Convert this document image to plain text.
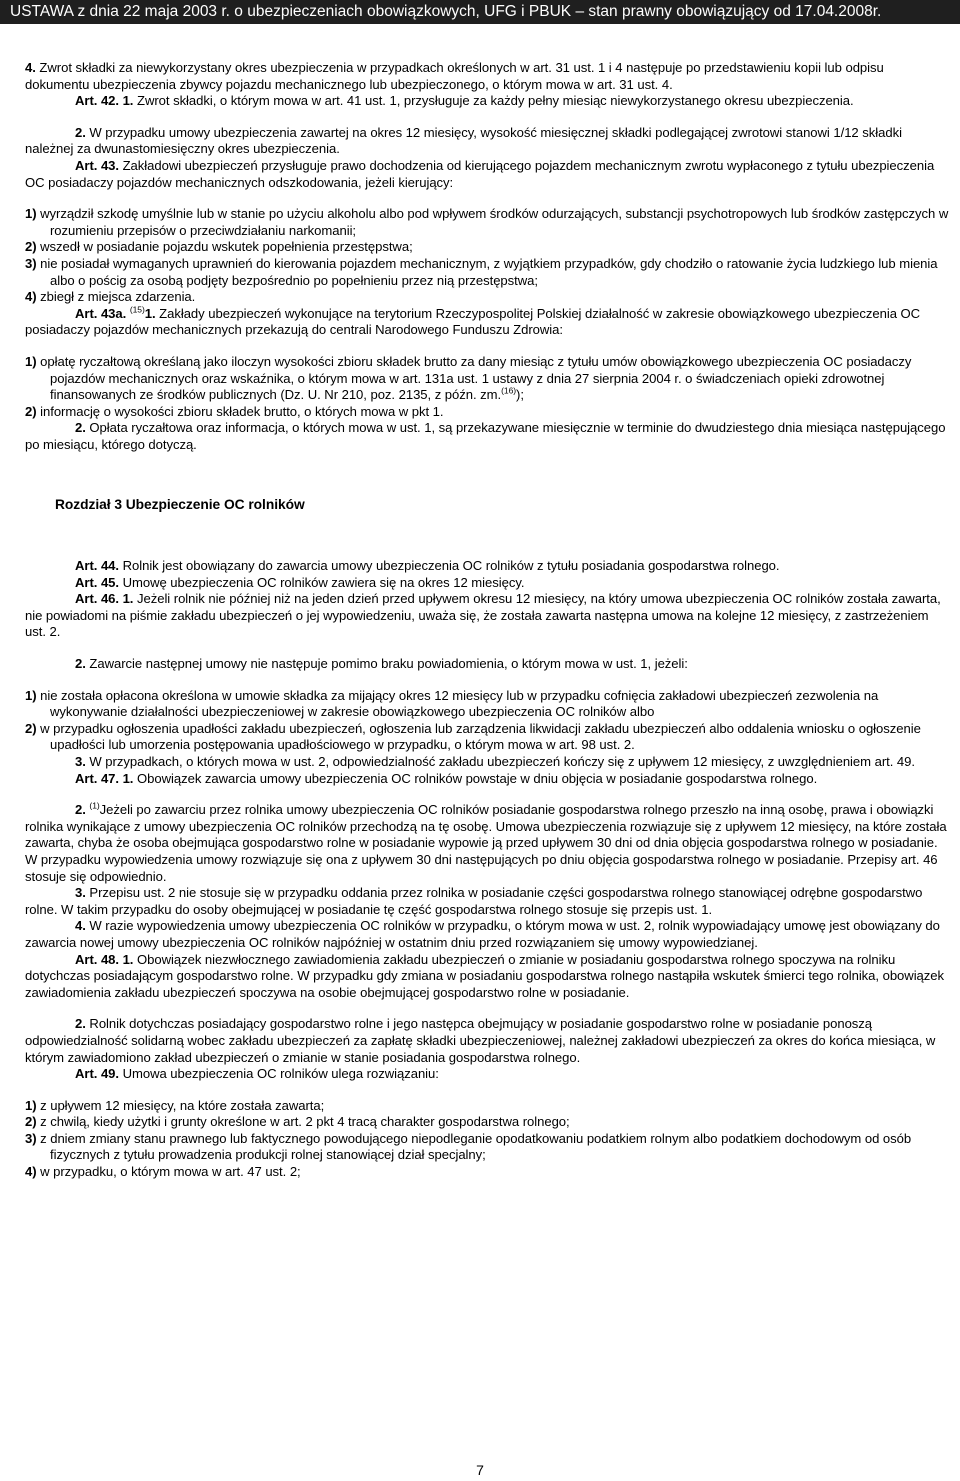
USTAWA z dnia 22 maja 2003 r. o ubezpieczeniach obowiązkowych, UFG i PBUK – stan prawny obowiązujący od 17.04.2008r.

4. Zwrot składki za niewykorzystany okres ubezpieczenia w przypadkach określonych w art. 31 ust. 1 i 4 następuje po przedstawieniu kopii lub odpisu dokumentu ubezpieczenia zbywcy pojazdu mechanicznego lub ubezpieczonego, o którym mowa w art. 31 ust. 4.

Art. 42. 1. Zwrot składki, o którym mowa w art. 41 ust. 1, przysługuje za każdy pełny miesiąc niewykorzystanego okresu ubezpieczenia.

2. W przypadku umowy ubezpieczenia zawartej na okres 12 miesięcy, wysokość miesięcznej składki podlegającej zwrotowi stanowi 1/12 składki należnej za dwunastomiesięczny okres ubezpieczenia.

Art. 43. Zakładowi ubezpieczeń przysługuje prawo dochodzenia od kierującego pojazdem mechanicznym zwrotu wypłaconego z tytułu ubezpieczenia OC posiadaczy pojazdów mechanicznych odszkodowania, jeżeli kierujący:

1) wyrządził szkodę umyślnie lub w stanie po użyciu alkoholu albo pod wpływem środków odurzających, substancji psychotropowych lub środków zastępczych w rozumieniu przepisów o przeciwdziałaniu narkomanii;

2) wszedł w posiadanie pojazdu wskutek popełnienia przestępstwa;

3) nie posiadał wymaganych uprawnień do kierowania pojazdem mechanicznym, z wyjątkiem przypadków, gdy chodziło o ratowanie życia ludzkiego lub mienia albo o pościg za osobą podjęty bezpośrednio po popełnieniu przez nią przestępstwa;

4) zbiegł z miejsca zdarzenia.

Art. 43a. $^{(15)}$1. Zakłady ubezpieczeń wykonujące na terytorium Rzeczypospolitej Polskiej działalność w zakresie obowiązkowego ubezpieczenia OC posiadaczy pojazdów mechanicznych przekazują do centrali Narodowego Funduszu Zdrowia:

1) opłatę ryczałtową określaną jako iloczyn wysokości zbioru składek brutto za dany miesiąc z tytułu umów obowiązkowego ubezpieczenia OC posiadaczy pojazdów mechanicznych oraz wskaźnika, o którym mowa w art. 131a ust. 1 ustawy z dnia 27 sierpnia 2004 r. o świadczeniach opieki zdrowotnej finansowanych ze środków publicznych (Dz. U. Nr 210, poz. 2135, z późn. zm.$^{(16)}$);

2) informację o wysokości zbioru składek brutto, o których mowa w pkt 1.

2. Opłata ryczałtowa oraz informacja, o których mowa w ust. 1, są przekazywane miesięcznie w terminie do dwudziestego dnia miesiąca następującego po miesiącu, którego dotyczą.

Rozdział 3 Ubezpieczenie OC rolników

Art. 44. Rolnik jest obowiązany do zawarcia umowy ubezpieczenia OC rolników z tytułu posiadania gospodarstwa rolnego.

Art. 45. Umowę ubezpieczenia OC rolników zawiera się na okres 12 miesięcy.

Art. 46. 1. Jeżeli rolnik nie później niż na jeden dzień przed upływem okresu 12 miesięcy, na który umowa ubezpieczenia OC rolników została zawarta, nie powiadomi na piśmie zakładu ubezpieczeń o jej wypowiedzeniu, uważa się, że została zawarta następna umowa na kolejne 12 miesięcy, z zastrzeżeniem ust. 2.

2. Zawarcie następnej umowy nie następuje pomimo braku powiadomienia, o którym mowa w ust. 1, jeżeli:

1) nie została opłacona określona w umowie składka za mijający okres 12 miesięcy lub w przypadku cofnięcia zakładowi ubezpieczeń zezwolenia na wykonywanie działalności ubezpieczeniowej w zakresie obowiązkowego ubezpieczenia OC rolników albo

2) w przypadku ogłoszenia upadłości zakładu ubezpieczeń, ogłoszenia lub zarządzenia likwidacji zakładu ubezpieczeń albo oddalenia wniosku o ogłoszenie upadłości lub umorzenia postępowania upadłościowego w przypadku, o którym mowa w art. 98 ust. 2.

3. W przypadkach, o których mowa w ust. 2, odpowiedzialność zakładu ubezpieczeń kończy się z upływem 12 miesięcy, z uwzględnieniem art. 49.

Art. 47. 1. Obowiązek zawarcia umowy ubezpieczenia OC rolników powstaje w dniu objęcia w posiadanie gospodarstwa rolnego.

2. $^{(1)}$Jeżeli po zawarciu przez rolnika umowy ubezpieczenia OC rolników posiadanie gospodarstwa rolnego przeszło na inną osobę, prawa i obowiązki rolnika wynikające z umowy ubezpieczenia OC rolników przechodzą na tę osobę. Umowa ubezpieczenia rozwiązuje się z upływem 12 miesięcy, na które została zawarta, chyba że osoba obejmująca gospodarstwo rolne w posiadanie wypowie ją przed upływem 30 dni od dnia objęcia gospodarstwa rolnego w posiadanie. W przypadku wypowiedzenia umowy rozwiązuje się ona z upływem 30 dni następujących po dniu objęcia gospodarstwa rolnego w posiadanie. Przepisy art. 46 stosuje się odpowiednio.

3. Przepisu ust. 2 nie stosuje się w przypadku oddania przez rolnika w posiadanie części gospodarstwa rolnego stanowiącej odrębne gospodarstwo rolne. W takim przypadku do osoby obejmującej w posiadanie tę część gospodarstwa rolnego stosuje się przepis ust. 1.

4. W razie wypowiedzenia umowy ubezpieczenia OC rolników w przypadku, o którym mowa w ust. 2, rolnik wypowiadający umowę jest obowiązany do zawarcia nowej umowy ubezpieczenia OC rolników najpóźniej w ostatnim dniu przed rozwiązaniem się umowy wypowiedzianej.

Art. 48. 1. Obowiązek niezwłocznego zawiadomienia zakładu ubezpieczeń o zmianie w posiadaniu gospodarstwa rolnego spoczywa na rolniku dotychczas posiadającym gospodarstwo rolne. W przypadku gdy zmiana w posiadaniu gospodarstwa rolnego nastąpiła wskutek śmierci tego rolnika, obowiązek zawiadomienia zakładu ubezpieczeń spoczywa na osobie obejmującej gospodarstwo rolne w posiadanie.

2. Rolnik dotychczas posiadający gospodarstwo rolne i jego następca obejmujący w posiadanie gospodarstwo rolne w posiadanie ponoszą odpowiedzialność solidarną wobec zakładu ubezpieczeń za zapłatę składki ubezpieczeniowej, należnej zakładowi ubezpieczeń za okres do końca miesiąca, w którym zawiadomiono zakład ubezpieczeń o zmianie w stanie posiadania gospodarstwa rolnego.

Art. 49. Umowa ubezpieczenia OC rolników ulega rozwiązaniu:

1) z upływem 12 miesięcy, na które została zawarta;

2) z chwilą, kiedy użytki i grunty określone w art. 2 pkt 4 tracą charakter gospodarstwa rolnego;

3) z dniem zmiany stanu prawnego lub faktycznego powodującego niepodleganie opodatkowaniu podatkiem rolnym albo podatkiem dochodowym od osób fizycznych z tytułu prowadzenia produkcji rolnej stanowiącej dział specjalny;

4) w przypadku, o którym mowa w art. 47 ust. 2;

7
